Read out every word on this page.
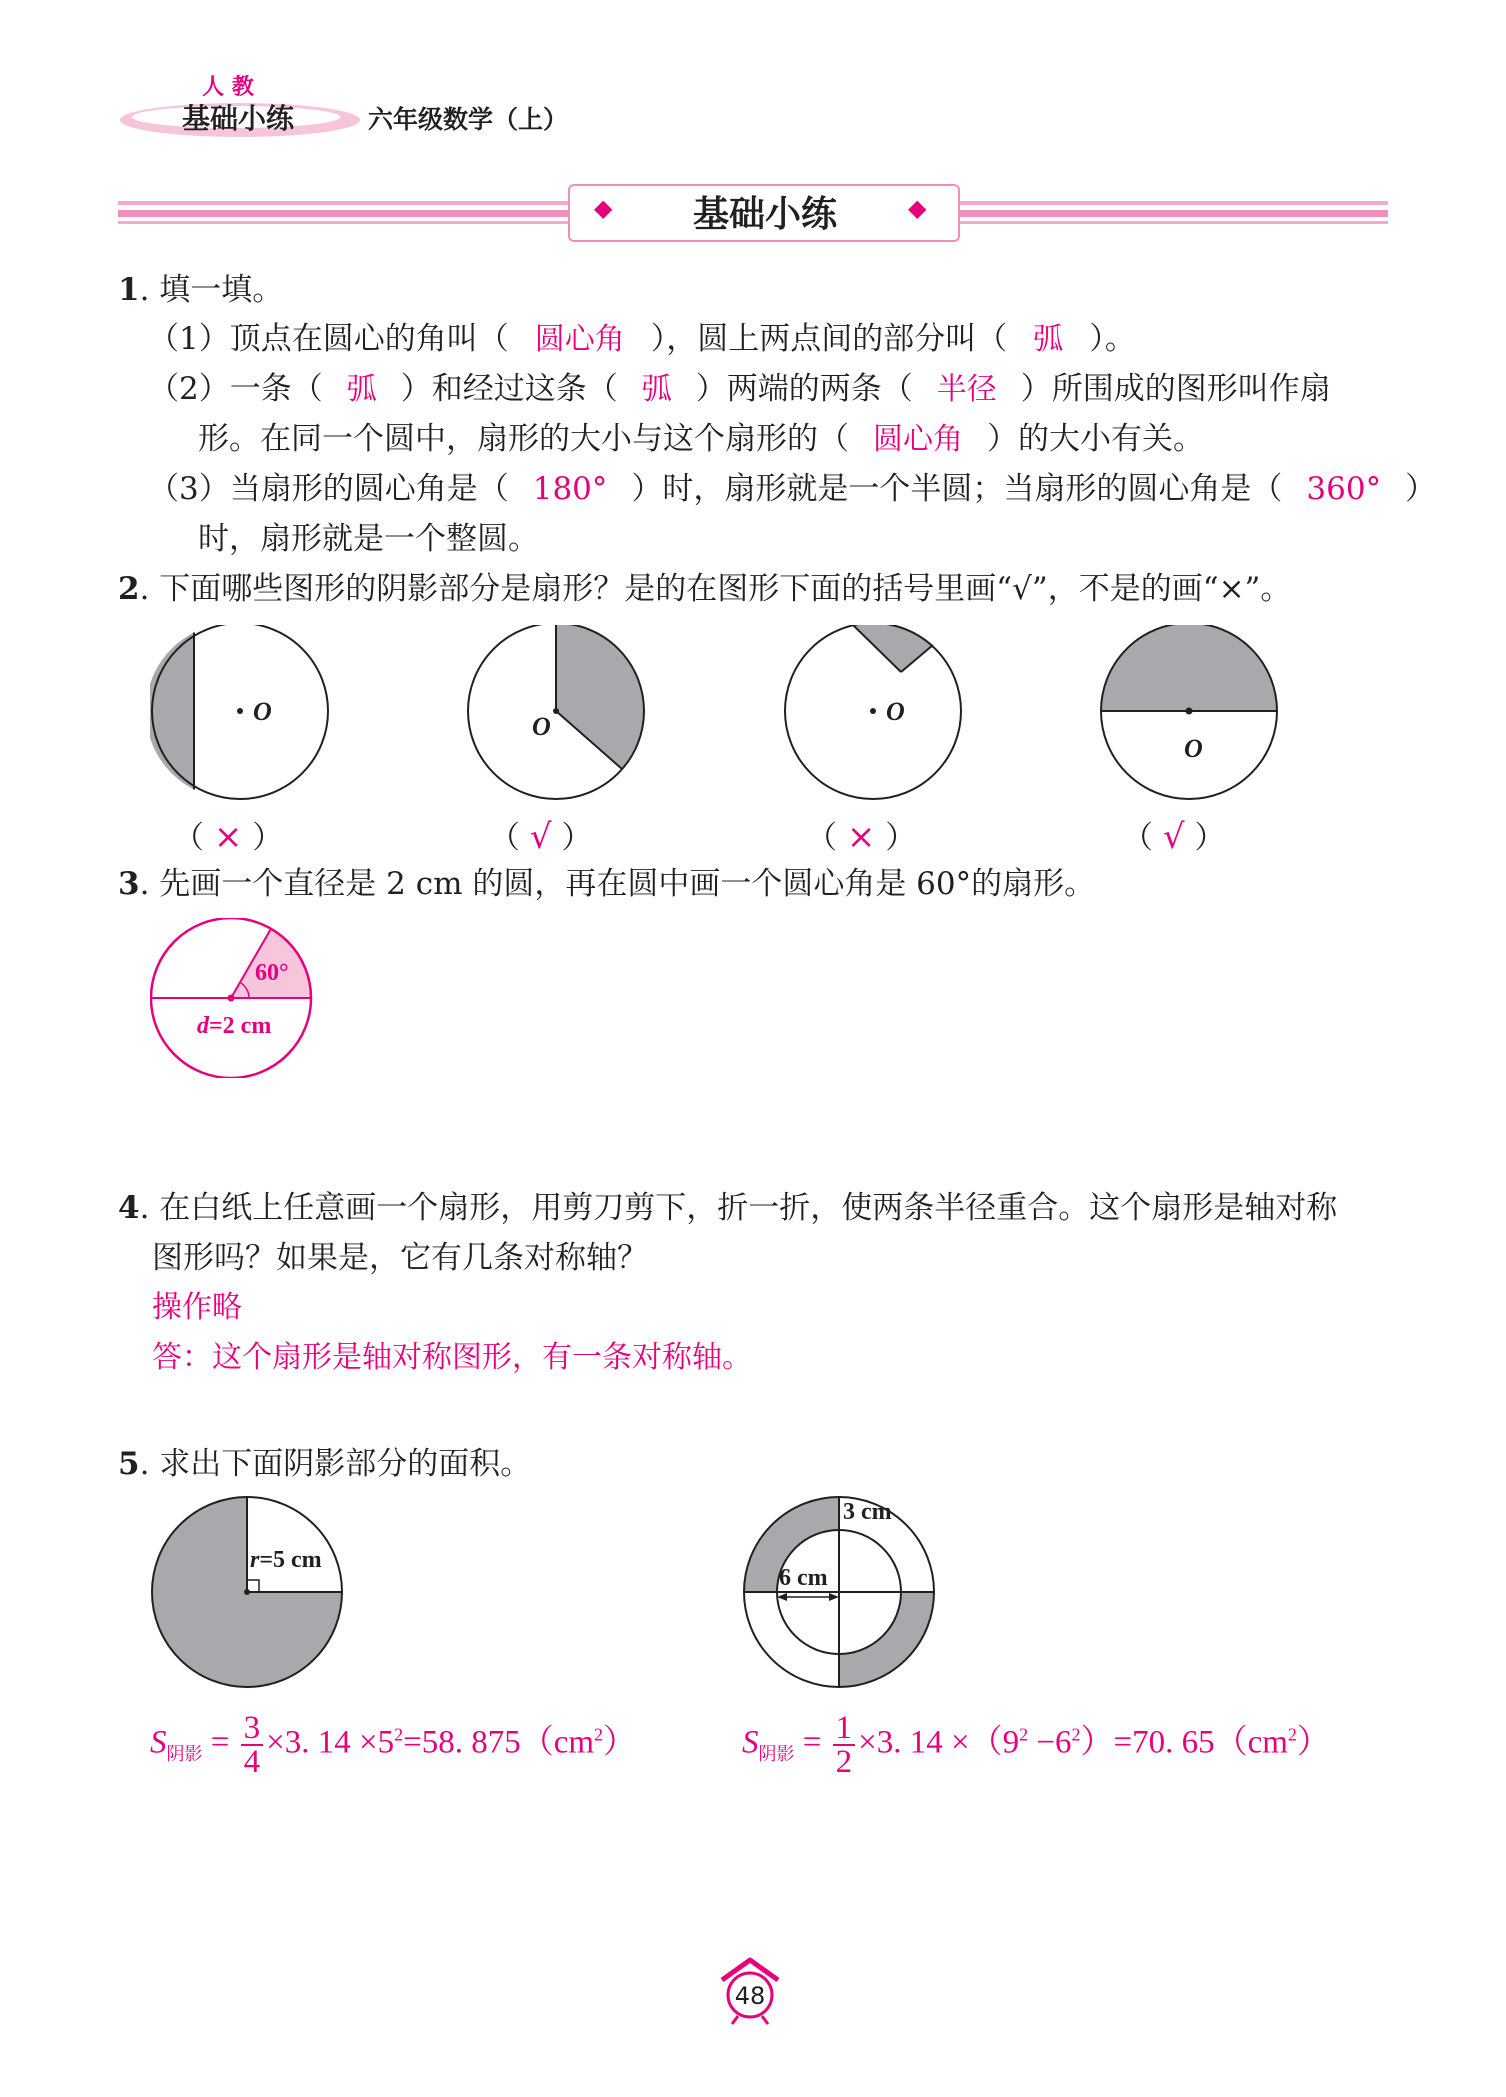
人 教
基础小练	六年级数学（上）
◆	◆
基础小练
1. 填一填。
（1）顶点在圆心的角叫（ 圆心角 ），圆上两点间的部分叫（ 弧 ）。
（2）一条（ 弧 ）和经过这条（ 弧 ）两端的两条（ 半径 ）所围成的图形叫作扇
形。在同一个圆中，扇形的大小与这个扇形的（ 圆心角 ）的大小有关。
（3）当扇形的圆心角是（ 180° ）时，扇形就是一个半圆；当扇形的圆心角是（ 360° ）
时，扇形就是一个整圆。
2. 下面哪些图形的阴影部分是扇形？是的在图形下面的括号里画“√”，不是的画“×”。
O
O
O
O
（ × ）	（ √ ）	（ × ）	（ √ ）
3. 先画一个直径是 2 cm 的圆，再在圆中画一个圆心角是 60°的扇形。
60°
d=2 cm
4. 在白纸上任意画一个扇形，用剪刀剪下，折一折，使两条半径重合。这个扇形是轴对称
图形吗？如果是，它有几条对称轴？
操作略
答：这个扇形是轴对称图形，有一条对称轴。
5. 求出下面阴影部分的面积。
r=5 cm
3 cm
6 cm
$S_{阴影} = \frac{3}{4} \times 3$. $14 \times 5^2=58$. $875(cm^2)$	$S_{阴影} = \frac{1}{2} \times 3$. $14 \times(9^2 -6^2)=70$. $65(cm^2)$
48
